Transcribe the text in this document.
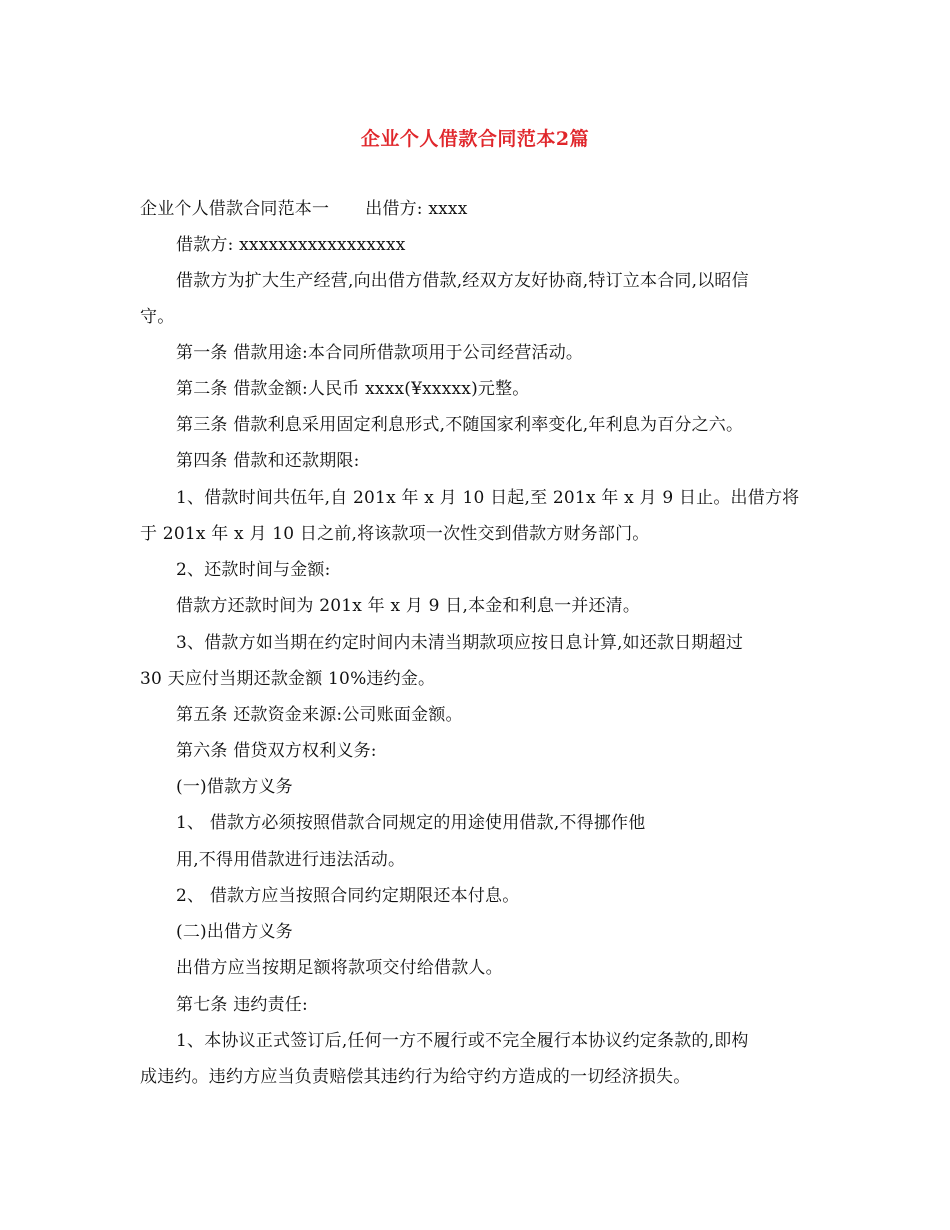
企业个人借款合同范本2篇
企业个人借款合同范本一 出借方: xxxx
借款方: xxxxxxxxxxxxxxxxx
借款方为扩大生产经营,向出借方借款,经双方友好协商,特订立本合同,以昭信
守。
第一条 借款用途:本合同所借款项用于公司经营活动。
第二条 借款金额:人民币 xxxx(¥xxxxx)元整。
第三条 借款利息采用固定利息形式,不随国家利率变化,年利息为百分之六。
第四条 借款和还款期限:
1、借款时间共伍年,自 201x 年 x 月 10 日起,至 201x 年 x 月 9 日止。出借方将
于 201x 年 x 月 10 日之前,将该款项一次性交到借款方财务部门。
2、还款时间与金额:
借款方还款时间为 201x 年 x 月 9 日,本金和利息一并还清。
3、借款方如当期在约定时间内未清当期款项应按日息计算,如还款日期超过
30 天应付当期还款金额 10%违约金。
第五条 还款资金来源:公司账面金额。
第六条 借贷双方权利义务:
(一)借款方义务
1、 借款方必须按照借款合同规定的用途使用借款,不得挪作他
用,不得用借款进行违法活动。
2、 借款方应当按照合同约定期限还本付息。
(二)出借方义务
出借方应当按期足额将款项交付给借款人。
第七条 违约责任:
1、本协议正式签订后,任何一方不履行或不完全履行本协议约定条款的,即构
成违约。违约方应当负责赔偿其违约行为给守约方造成的一切经济损失。
